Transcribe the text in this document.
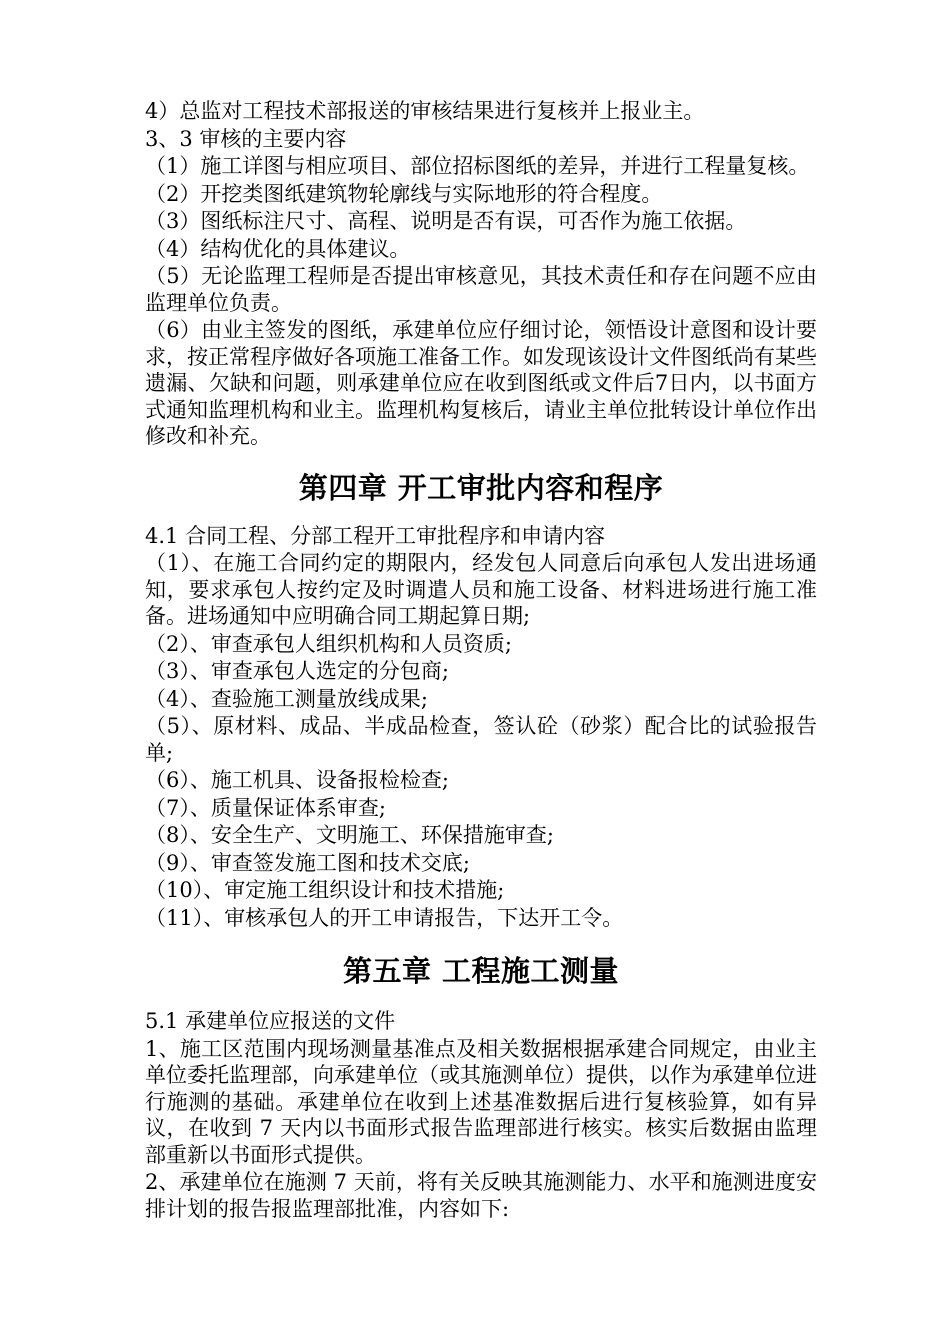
4）总监对工程技术部报送的审核结果进行复核并上报业主。

3、3 审核的主要内容

（1）施工详图与相应项目、部位招标图纸的差异，并进行工程量复核。

（2）开挖类图纸建筑物轮廓线与实际地形的符合程度。

（3）图纸标注尺寸、高程、说明是否有误，可否作为施工依据。

（4）结构优化的具体建议。

（5）无论监理工程师是否提出审核意见，其技术责任和存在问题不应由监理单位负责。

（6）由业主签发的图纸，承建单位应仔细讨论，领悟设计意图和设计要求，按正常程序做好各项施工准备工作。如发现该设计文件图纸尚有某些遗漏、欠缺和问题，则承建单位应在收到图纸或文件后7日内，以书面方式通知监理机构和业主。监理机构复核后，请业主单位批转设计单位作出修改和补充。

第四章 开工审批内容和程序

4.1 合同工程、分部工程开工审批程序和申请内容

（1）、在施工合同约定的期限内，经发包人同意后向承包人发出进场通知，要求承包人按约定及时调遣人员和施工设备、材料进场进行施工准备。进场通知中应明确合同工期起算日期;

（2）、审查承包人组织机构和人员资质;

（3）、审查承包人选定的分包商;

（4）、查验施工测量放线成果;

（5）、原材料、成品、半成品检查，签认砼（砂浆）配合比的试验报告单;

（6）、施工机具、设备报检检查;

（7）、质量保证体系审查;

（8）、安全生产、文明施工、环保措施审查;

（9）、审查签发施工图和技术交底;

（10）、审定施工组织设计和技术措施;

（11）、审核承包人的开工申请报告，下达开工令。

第五章 工程施工测量

5.1 承建单位应报送的文件

1、施工区范围内现场测量基准点及相关数据根据承建合同规定，由业主单位委托监理部，向承建单位（或其施测单位）提供，以作为承建单位进行施测的基础。承建单位在收到上述基准数据后进行复核验算，如有异议，在收到 7 天内以书面形式报告监理部进行核实。核实后数据由监理部重新以书面形式提供。

2、承建单位在施测 7 天前，将有关反映其施测能力、水平和施测进度安排计划的报告报监理部批准，内容如下:
